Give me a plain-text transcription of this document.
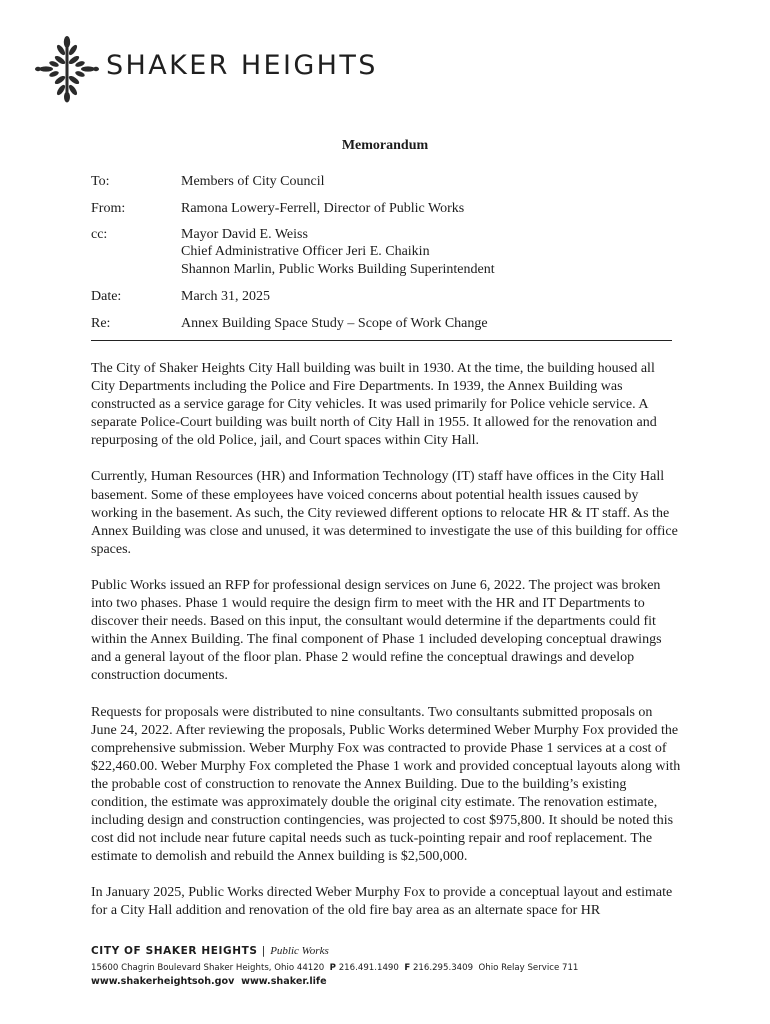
SHAKER HEIGHTS
Memorandum
To:	Members of City Council
From:	Ramona Lowery-Ferrell, Director of Public Works
cc:	Mayor David E. Weiss
Chief Administrative Officer Jeri E. Chaikin
Shannon Marlin, Public Works Building Superintendent
Date:	March 31, 2025
Re:	Annex Building Space Study – Scope of Work Change

The City of Shaker Heights City Hall building was built in 1930. At the time, the building housed all City Departments including the Police and Fire Departments. In 1939, the Annex Building was constructed as a service garage for City vehicles. It was used primarily for Police vehicle service. A separate Police-Court building was built north of City Hall in 1955. It allowed for the renovation and repurposing of the old Police, jail, and Court spaces within City Hall.

Currently, Human Resources (HR) and Information Technology (IT) staff have offices in the City Hall basement. Some of these employees have voiced concerns about potential health issues caused by working in the basement. As such, the City reviewed different options to relocate HR & IT staff. As the Annex Building was close and unused, it was determined to investigate the use of this building for office spaces.

Public Works issued an RFP for professional design services on June 6, 2022. The project was broken into two phases. Phase 1 would require the design firm to meet with the HR and IT Departments to discover their needs. Based on this input, the consultant would determine if the departments could fit within the Annex Building. The final component of Phase 1 included developing conceptual drawings and a general layout of the floor plan. Phase 2 would refine the conceptual drawings and develop construction documents.

Requests for proposals were distributed to nine consultants. Two consultants submitted proposals on June 24, 2022. After reviewing the proposals, Public Works determined Weber Murphy Fox provided the comprehensive submission. Weber Murphy Fox was contracted to provide Phase 1 services at a cost of $22,460.00. Weber Murphy Fox completed the Phase 1 work and provided conceptual layouts along with the probable cost of construction to renovate the Annex Building. Due to the building’s existing condition, the estimate was approximately double the original city estimate. The renovation estimate, including design and construction contingencies, was projected to cost $975,800. It should be noted this cost did not include near future capital needs such as tuck-pointing repair and roof replacement. The estimate to demolish and rebuild the Annex building is $2,500,000.

In January 2025, Public Works directed Weber Murphy Fox to provide a conceptual layout and estimate for a City Hall addition and renovation of the old fire bay area as an alternate space for HR

CITY OF SHAKER HEIGHTS | Public Works
15600 Chagrin Boulevard Shaker Heights, Ohio 44120 P 216.491.1490 F 216.295.3409 Ohio Relay Service 711
www.shakerheightsoh.gov www.shaker.life
